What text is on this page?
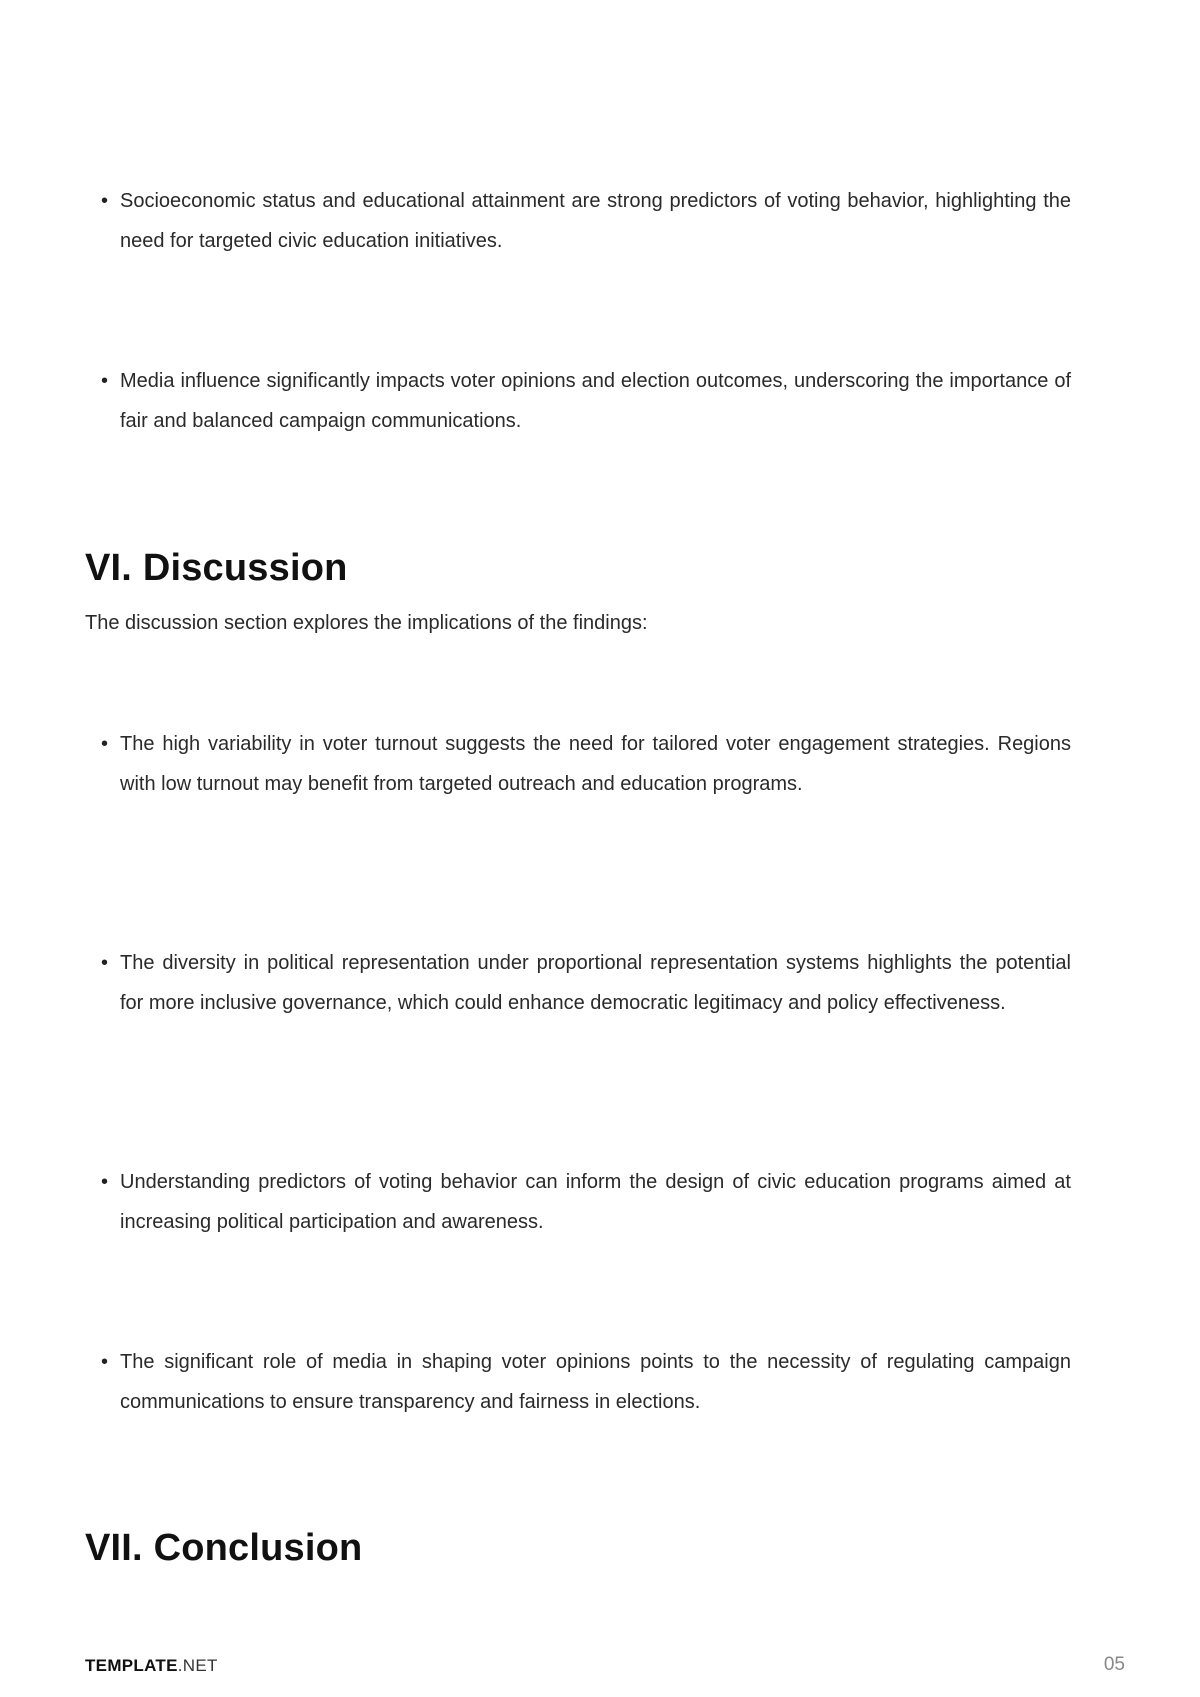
• Socioeconomic status and educational attainment are strong predictors of voting behavior, highlighting the need for targeted civic education initiatives.
• Media influence significantly impacts voter opinions and election outcomes, underscoring the importance of fair and balanced campaign communications.
VI. Discussion
The discussion section explores the implications of the findings:
• The high variability in voter turnout suggests the need for tailored voter engagement strategies. Regions with low turnout may benefit from targeted outreach and education programs.
• The diversity in political representation under proportional representation systems highlights the potential for more inclusive governance, which could enhance democratic legitimacy and policy effectiveness.
• Understanding predictors of voting behavior can inform the design of civic education programs aimed at increasing political participation and awareness.
• The significant role of media in shaping voter opinions points to the necessity of regulating campaign communications to ensure transparency and fairness in elections.
VII. Conclusion
TEMPLATE.NET	05
